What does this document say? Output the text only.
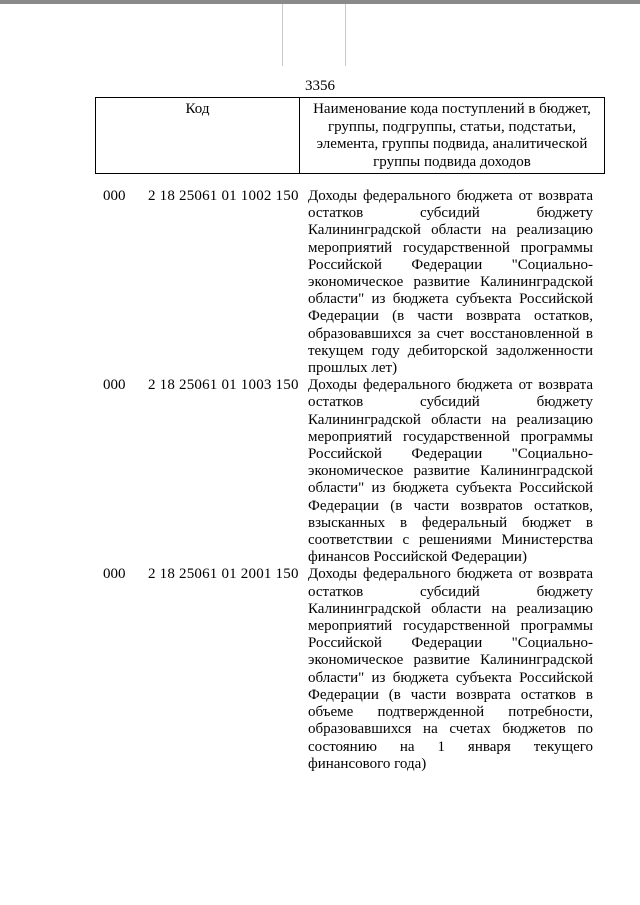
3356
Код	Наименование кода поступлений в бюджет, группы, подгруппы, статьи, подстатьи, элемента, группы подвида, аналитической группы подвида доходов
000	2 18 25061 01 1002 150 Доходы федерального бюджета от возврата остатков субсидий бюджету Калининградской области на реализацию мероприятий государственной программы Российской Федерации "Социально-экономическое развитие Калининградской области" из бюджета субъекта Российской Федерации (в части возврата остатков, образовавшихся за счет восстановленной в текущем году дебиторской задолженности прошлых лет)
000	2 18 25061 01 1003 150 Доходы федерального бюджета от возврата остатков субсидий бюджету Калининградской области на реализацию мероприятий государственной программы Российской Федерации "Социально-экономическое развитие Калининградской области" из бюджета субъекта Российской Федерации (в части возвратов остатков, взысканных в федеральный бюджет в соответствии с решениями Министерства финансов Российской Федерации)
000	2 18 25061 01 2001 150 Доходы федерального бюджета от возврата остатков субсидий бюджету Калининградской области на реализацию мероприятий государственной программы Российской Федерации "Социально-экономическое развитие Калининградской области" из бюджета субъекта Российской Федерации (в части возврата остатков в объеме подтвержденной потребности, образовавшихся на счетах бюджетов по состоянию на 1 января текущего финансового года)
